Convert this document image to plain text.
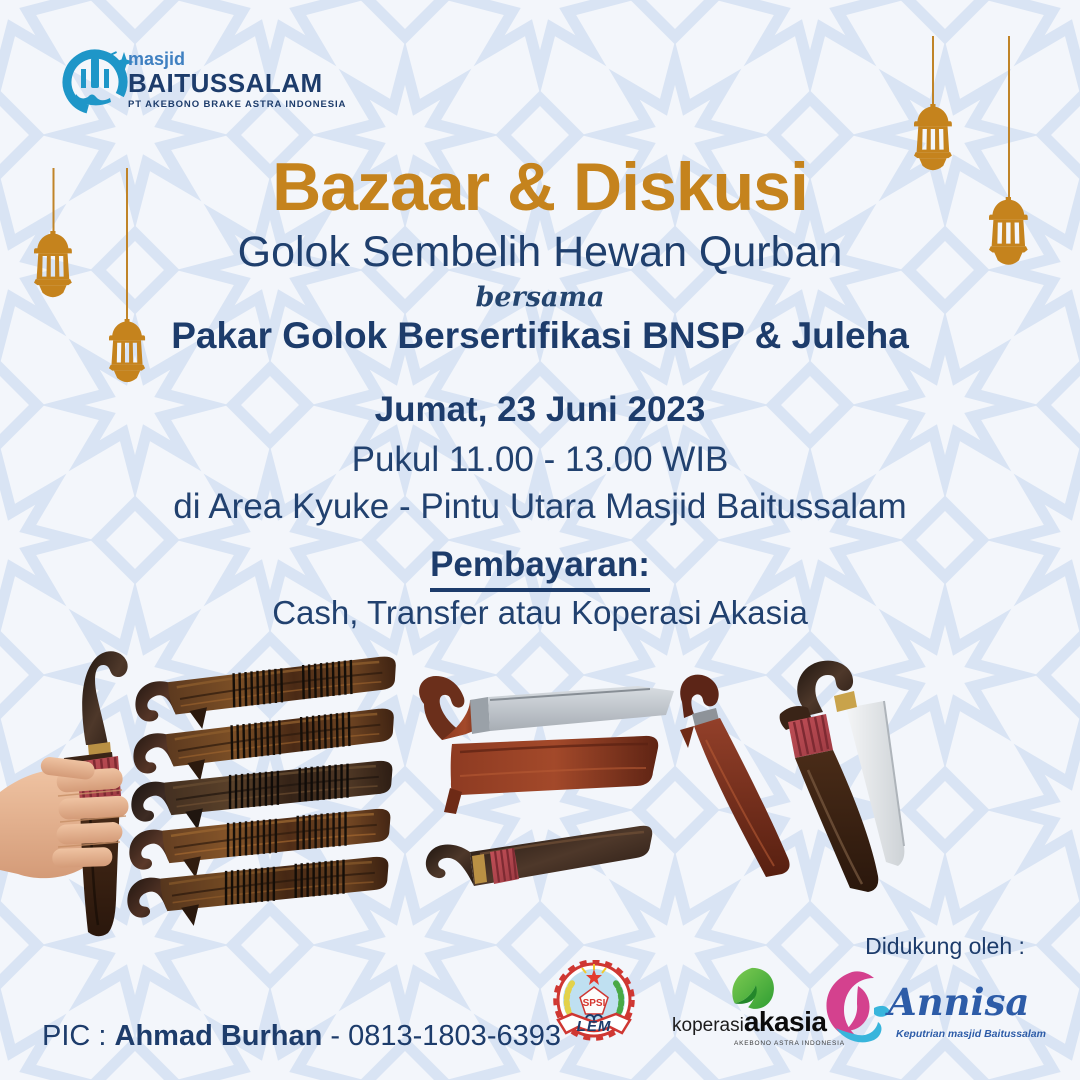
masjid
BAITUSSALAM
PT AKEBONO BRAKE ASTRA INDONESIA
Bazaar & Diskusi
Golok Sembelih Hewan Qurban
bersama
Pakar Golok Bersertifikasi BNSP & Juleha
Jumat, 23 Juni 2023
Pukul 11.00 - 13.00 WIB
di Area Kyuke - Pintu Utara Masjid Baitussalam
Pembayaran:
Cash, Transfer atau Koperasi Akasia
Didukung oleh :
SPSI
LEM	koperasiakasia
AKEBONO ASTRA INDONESIA
Annisa
Keputrian masjid Baitussalam
PIC : Ahmad Burhan - 0813-1803-6393
